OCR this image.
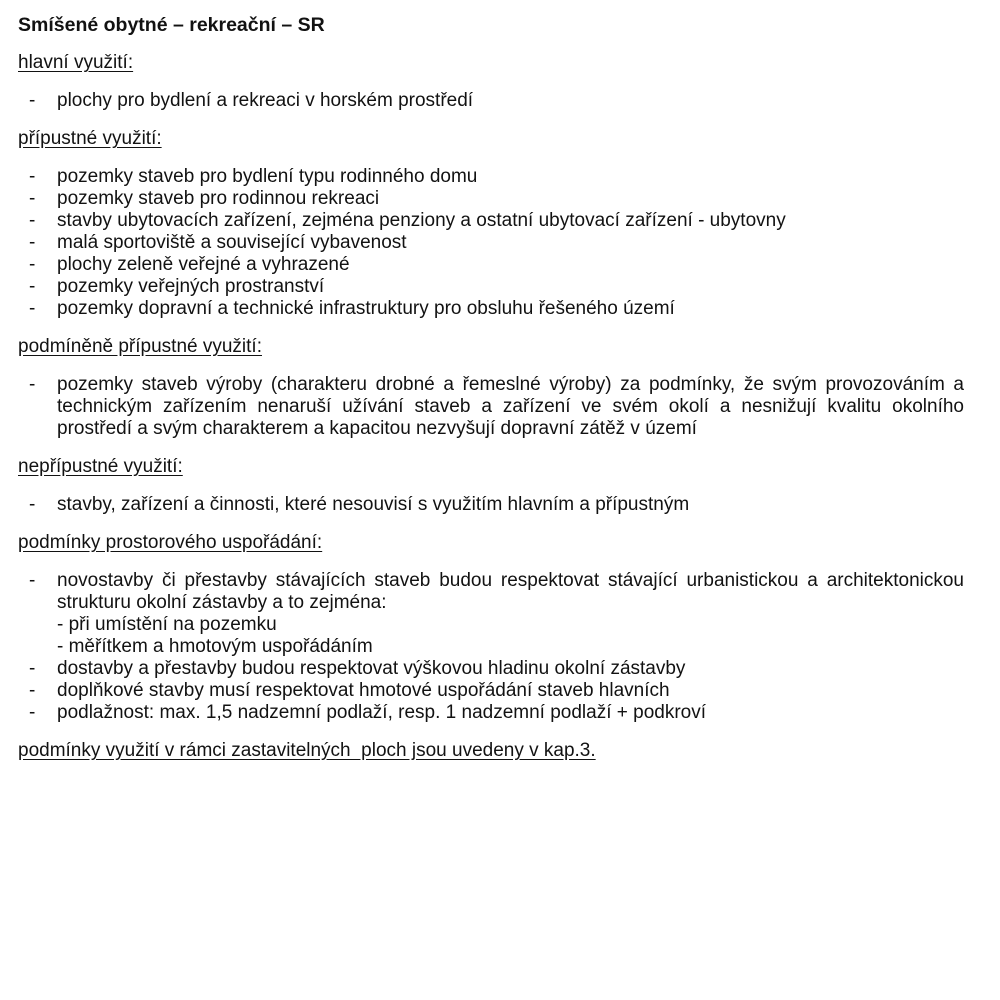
Smíšené obytné – rekreační – SR
hlavní využití:
- plochy pro bydlení a rekreaci v horském prostředí
přípustné využití:
- pozemky staveb pro bydlení typu rodinného domu
- pozemky staveb pro rodinnou rekreaci
- stavby ubytovacích zařízení, zejména penziony a ostatní ubytovací zařízení - ubytovny
- malá sportoviště a související vybavenost
- plochy zeleně veřejné a vyhrazené
- pozemky veřejných prostranství
- pozemky dopravní a technické infrastruktury pro obsluhu řešeného území
podmíněně přípustné využití:
- pozemky staveb výroby (charakteru drobné a řemeslné výroby) za podmínky, že svým provozováním a technickým zařízením nenaruší užívání staveb a zařízení ve svém okolí a nesnižují kvalitu okolního prostředí a svým charakterem a kapacitou nezvyšují dopravní zátěž v území
nepřípustné využití:
- stavby, zařízení a činnosti, které nesouvisí s využitím hlavním a přípustným
podmínky prostorového uspořádání:
- novostavby či přestavby stávajících staveb budou respektovat stávající urbanistickou a architektonickou strukturu okolní zástavby a to zejména:
- při umístění na pozemku
- měřítkem a hmotovým uspořádáním
- dostavby a přestavby budou respektovat výškovou hladinu okolní zástavby
- doplňkové stavby musí respektovat hmotové uspořádání staveb hlavních
- podlažnost: max. 1,5 nadzemní podlaží, resp. 1 nadzemní podlaží + podkroví
podmínky využití v rámci zastavitelných  ploch jsou uvedeny v kap.3.
